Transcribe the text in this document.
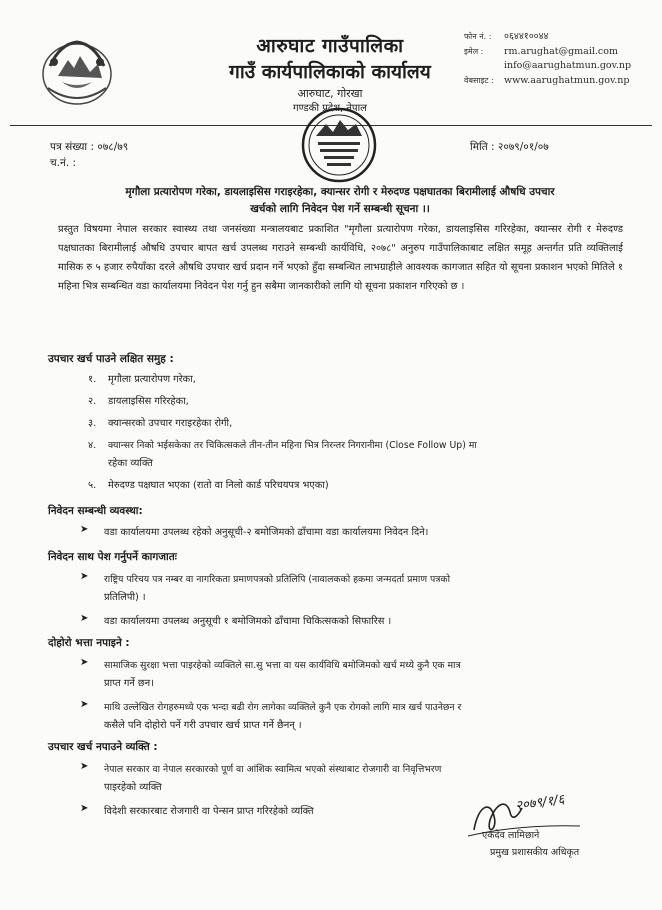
आरुघाट गाउँपालिका
गाउँ कार्यपालिकाको कार्यालय
आरुघाट, गोरखा
गण्डकी प्रदेश, नेपाल
फोन नं. :	०६४४१००४४
इमेल :	rm.arughat@gmail.com
info@aarughatmun.gov.np
वेबसाइट :	www.aarughatmun.gov.np
पत्र संख्या : ०७८/७९
च.नं. :
मिति : २०७९/०१/०७
मृगौला प्रत्यारोपण गरेका, डायलाइसिस गराइरहेका, क्यान्सर रोगी र मेरुदण्ड पक्षघातका बिरामीलाई औषधि उपचार
खर्चको लागि निवेदन पेश गर्ने सम्बन्धी सूचना ।।
प्रस्तुत विषयमा नेपाल सरकार स्वास्थ्य तथा जनसंख्या मन्त्रालयबाट प्रकाशित "मृगौला प्रत्यारोपण गरेका, डायलाइसिस गरिरहेका, क्यान्सर रोगी र मेरुदण्ड पक्षघातका बिरामीलाई औषधि उपचार बापत खर्च उपलब्ध गराउने सम्बन्धी कार्यविधि, २०७८" अनुरुप गाउँपालिकाबाट लक्षित समूह अन्तर्गत प्रति व्यक्तिलाई मासिक रु ५ हजार रुपैयाँका दरले औषधि उपचार खर्च प्रदान गर्ने भएको हुँदा सम्बन्धित लाभग्राहीले आवश्यक कागजात सहित यो सूचना प्रकाशन भएको मितिले १ महिना भित्र सम्बन्धित वडा कार्यालयमा निवेदन पेश गर्नु हुन सबैमा जानकारीको लागि यो सूचना प्रकाशन गरिएको छ ।
उपचार खर्च पाउने लक्षित समुह :
१. मृगौला प्रत्यारोपण गरेका,
२. डायलाइसिस गरिरहेका,
३. क्यान्सरको उपचार गराइरहेका रोगी,
४. क्यान्सर निको भईसकेका तर चिकित्सकले तीन-तीन महिना भित्र निरन्तर निगरानीमा (Close Follow Up) मा
रहेका व्यक्ति
५. मेरुदण्ड पक्षघात भएका (रातो वा निलो कार्ड परिचयपत्र भएका)
निवेदन सम्बन्धी व्यवस्था:
➤ वडा कार्यालयमा उपलब्ध रहेको अनुसूची-२ बमोजिमको ढाँचामा वडा कार्यालयमा निवेदन दिने।
निवेदन साथ पेश गर्नुपर्ने कागजातः
➤ राष्ट्रिय परिचय पत्र नम्बर वा नागरिकता प्रमाणपत्रको प्रतिलिपि (नावालकको हकमा जन्मदर्ता प्रमाण पत्रको
प्रतिलिपी) ।
➤ वडा कार्यालयमा उपलब्ध अनुसूची १ बमोजिमको ढाँचामा चिकित्सकको सिफारिस ।
दोहोरो भत्ता नपाइने :
➤ सामाजिक सुरक्षा भत्ता पाइरहेको व्यक्तिले सा.सु भत्ता वा यस कार्यविधि बमोजिमको खर्च मध्ये कुनै एक मात्र
प्राप्त गर्ने छन।
➤ माथि उल्लेखित रोगहरुमध्ये एक भन्दा बढी रोग लागेका व्यक्तिले कुनै एक रोगको लागि मात्र खर्च पाउनेछन र
कसैले पनि दोहोरो पर्ने गरी उपचार खर्च प्राप्त गर्ने छैनन् ।
उपचार खर्च नपाउने व्यक्ति :
➤ नेपाल सरकार वा नेपाल सरकारको पूर्ण वा आंशिक स्वामित्व भएको संस्थाबाट रोजगारी वा निवृत्तिभरण
पाइरहेको व्यक्ति
➤ विदेशी सरकारबाट रोजगारी वा पेन्सन प्राप्त गरिरहेको व्यक्ति	२०७९/१/६
एकदेव लामिछाने
प्रमुख प्रशासकीय अधिकृत
